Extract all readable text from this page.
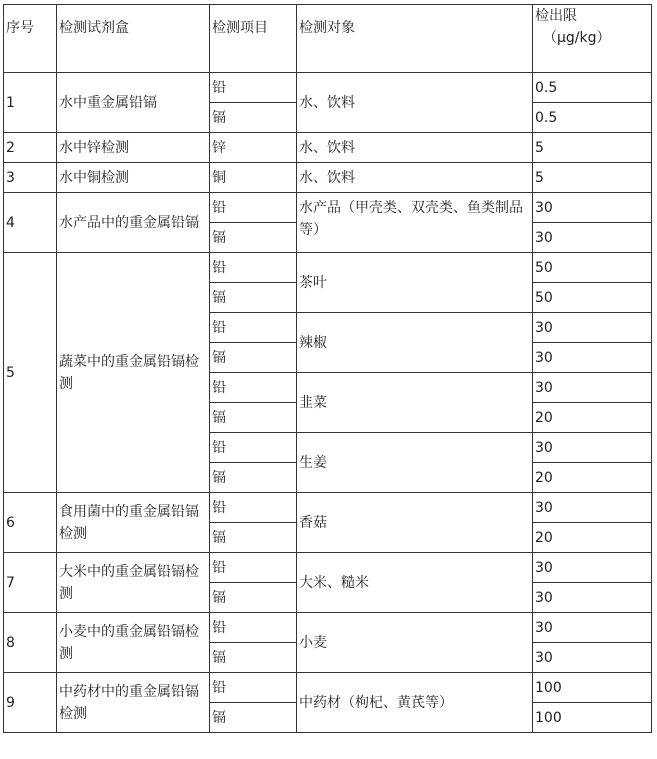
序号	检测试剂盒	检测项目	检测对象	检出限
（μg/kg）

1	水中重金属铅镉	铅	水、饮料	0.5
		镉		0.5
2	水中锌检测	锌	水、饮料	5
3	水中铜检测	铜	水、饮料	5
4	水产品中的重金属铅镉	铅	水产品（甲壳类、双壳类、鱼类制品等）	30
		镉		30
5	蔬菜中的重金属铅镉检测	铅	茶叶	50
		镉		50
		铅	辣椒	30
		镉		30
		铅	韭菜	30
		镉		20
		铅	生姜	30
		镉		20
6	食用菌中的重金属铅镉检测	铅	香菇	30
		镉		20
7	大米中的重金属铅镉检测	铅	大米、糙米	30
		镉		30
8	小麦中的重金属铅镉检测	铅	小麦	30
		镉		30
9	中药材中的重金属铅镉检测	铅	中药材（枸杞、黄芪等）	100
		镉		100
